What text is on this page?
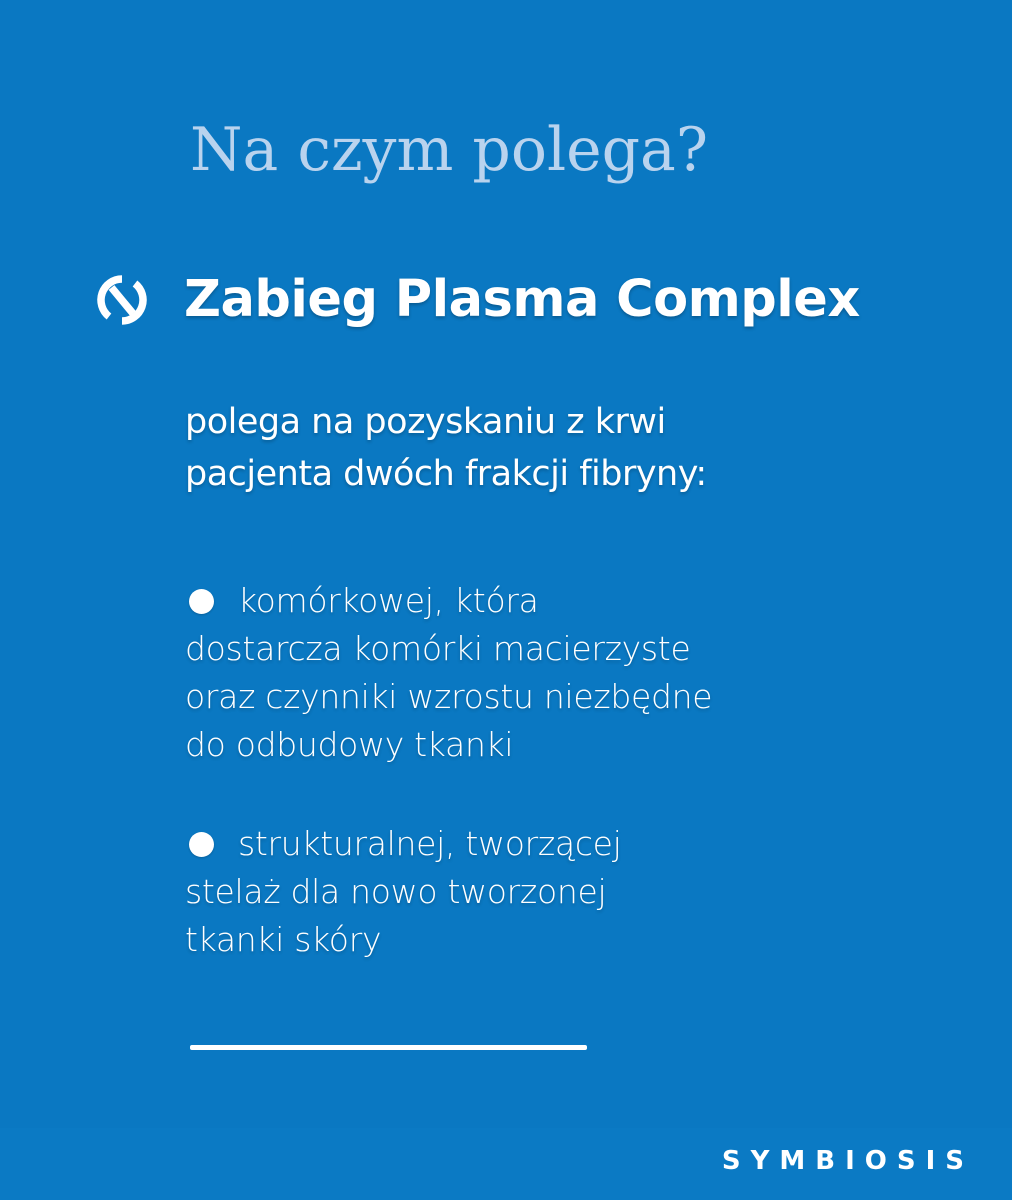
Na czym polega?
Zabieg Plasma Complex
polega na pozyskaniu z krwi
pacjenta dwóch frakcji fibryny:
komórkowej, która
dostarcza komórki macierzyste
oraz czynniki wzrostu niezbędne
do odbudowy tkanki
strukturalnej, tworzącej
stelaż dla nowo tworzonej
tkanki skóry
SYMBIOSIS
